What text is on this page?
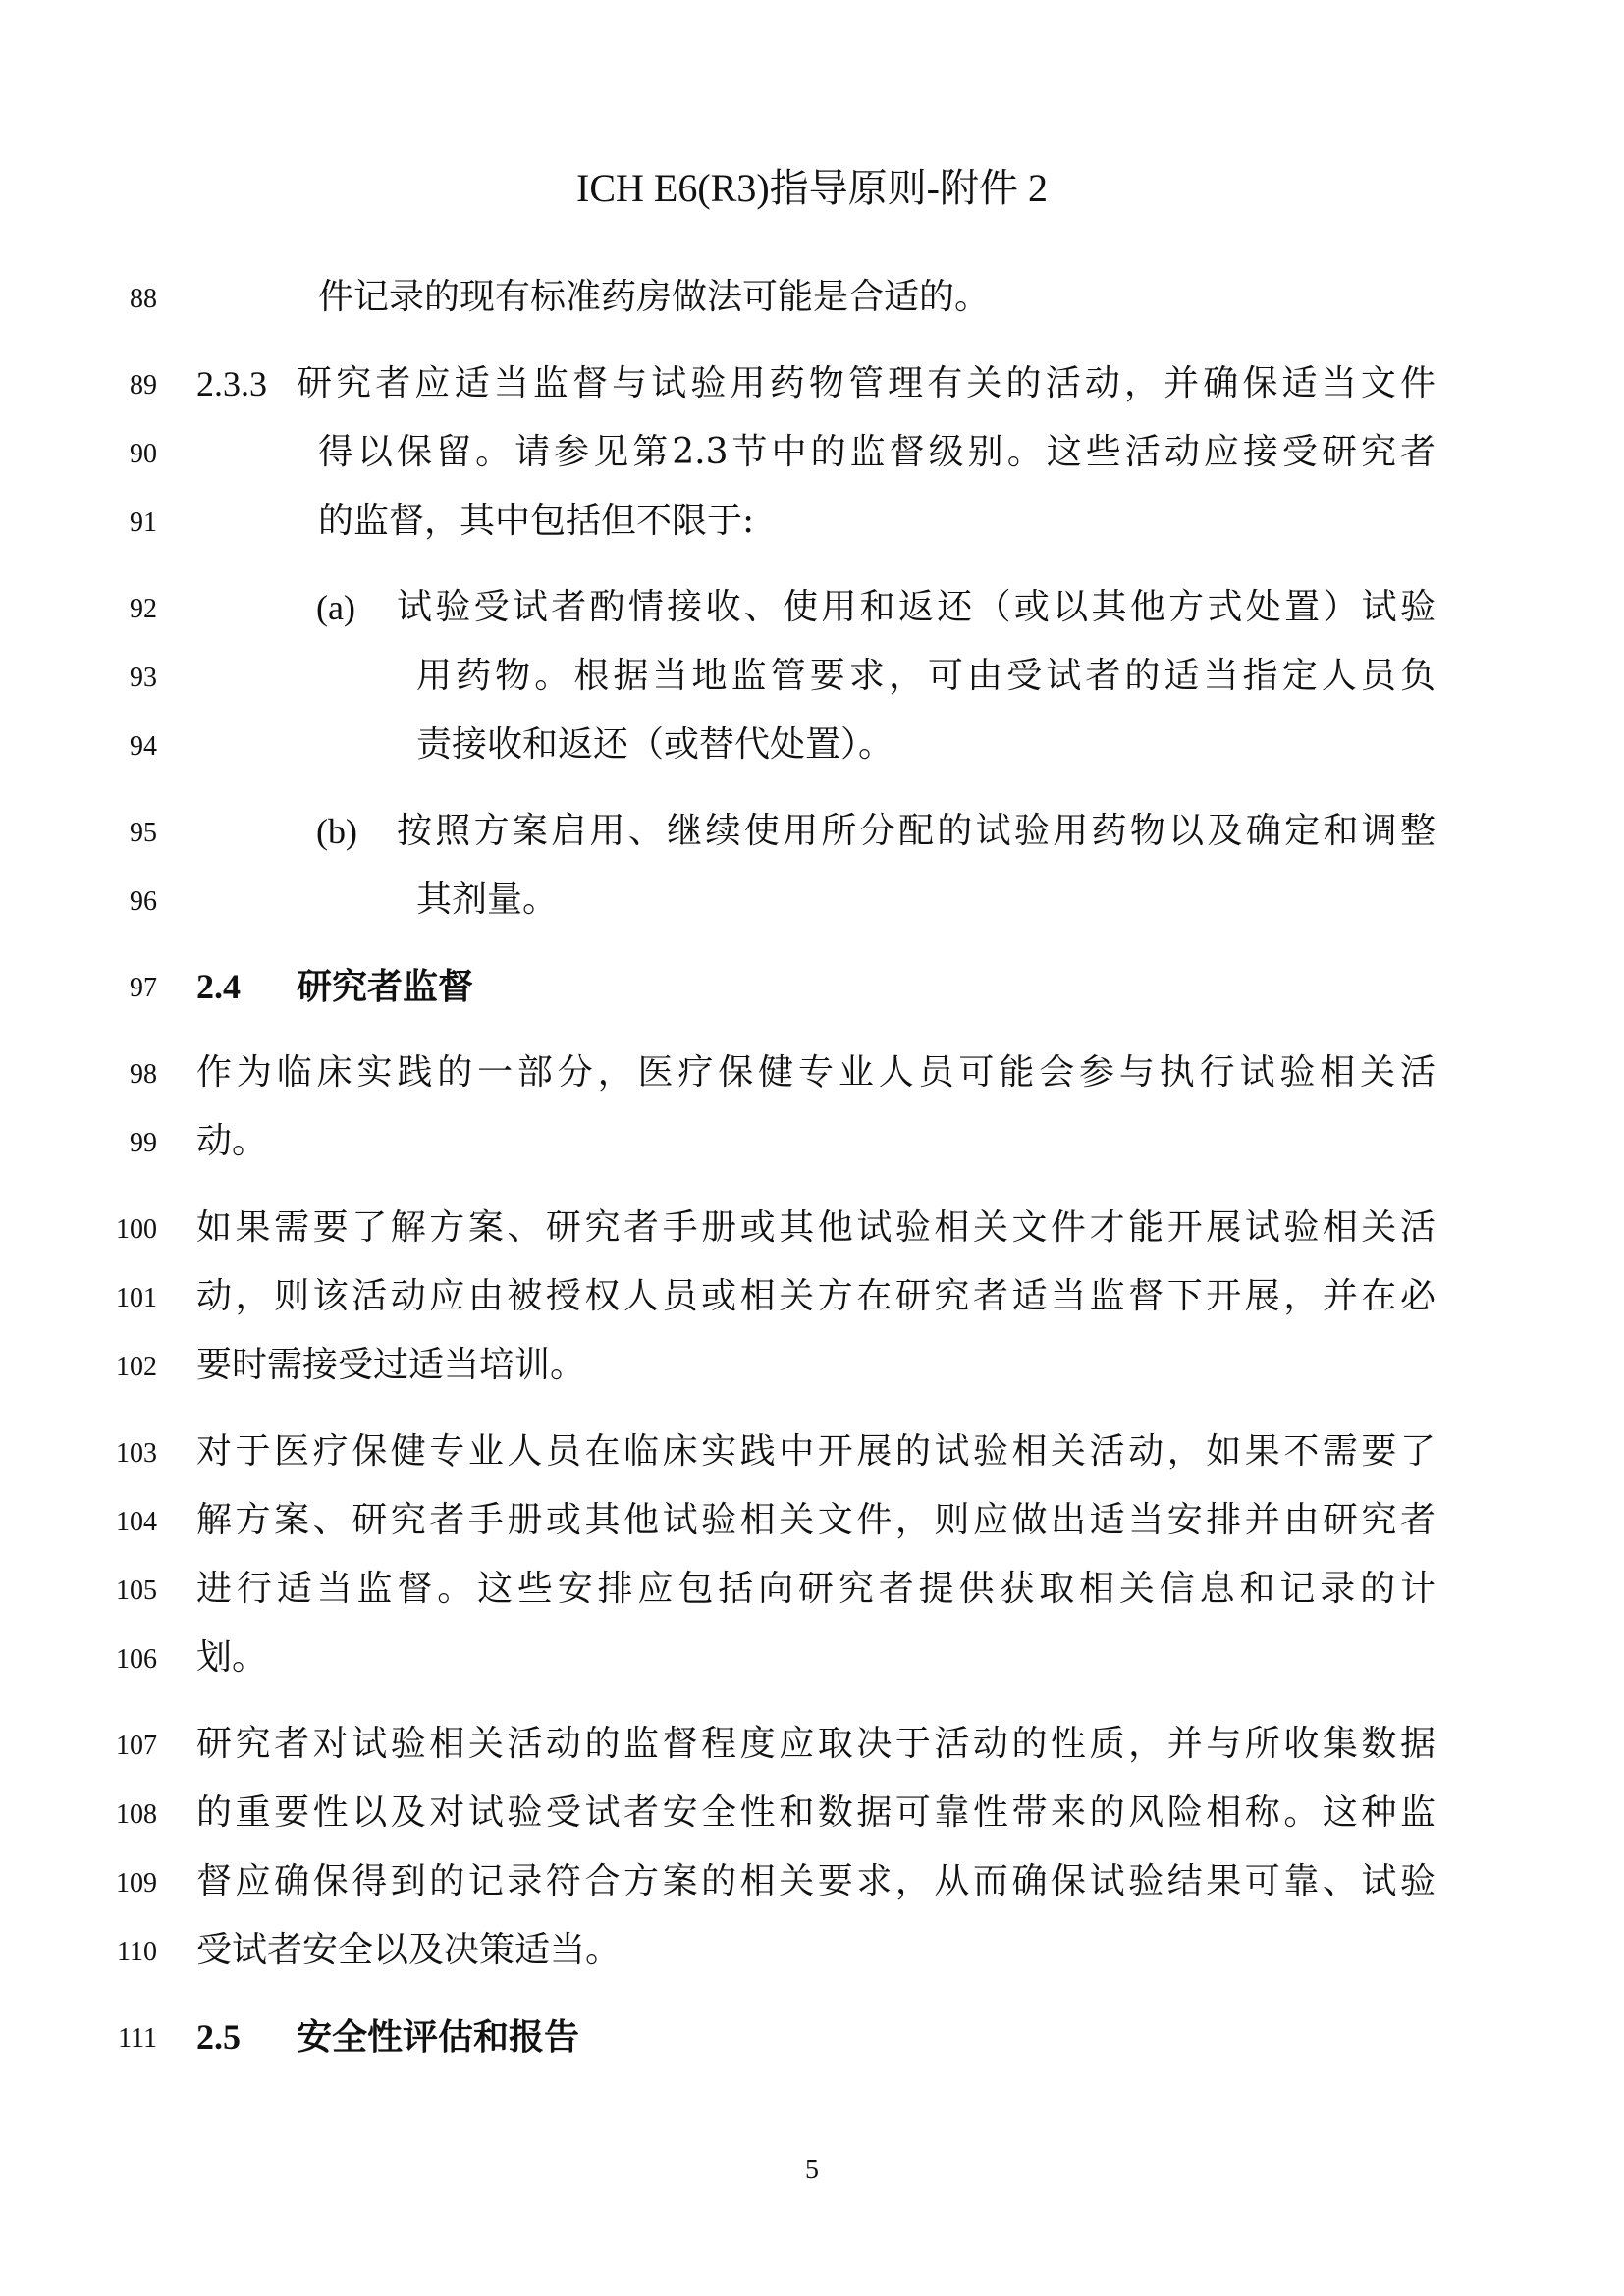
ICH E6(R3)指导原则-附件 2
88
89
90
91
92
93
94
95
96
97
98
99
100
101
102
103
104
105
106
107
108
109
110
111
件记录的现有标准药房做法可能是合适的。
2.3.3 研究者应适当监督与试验用药物管理有关的活动，并确保适当文件
得以保留。请参见第2.3节中的监督级别。这些活动应接受研究者
的监督，其中包括但不限于:
(a) 试验受试者酌情接收、使用和返还（或以其他方式处置）试验
用药物。根据当地监管要求，可由受试者的适当指定人员负
责接收和返还（或替代处置）。
(b) 按照方案启用、继续使用所分配的试验用药物以及确定和调整
其剂量。
2.4 研究者监督
作为临床实践的一部分，医疗保健专业人员可能会参与执行试验相关活
动。
如果需要了解方案、研究者手册或其他试验相关文件才能开展试验相关活
动，则该活动应由被授权人员或相关方在研究者适当监督下开展，并在必
要时需接受过适当培训。
对于医疗保健专业人员在临床实践中开展的试验相关活动，如果不需要了
解方案、研究者手册或其他试验相关文件，则应做出适当安排并由研究者
进行适当监督。这些安排应包括向研究者提供获取相关信息和记录的计
划。
研究者对试验相关活动的监督程度应取决于活动的性质，并与所收集数据
的重要性以及对试验受试者安全性和数据可靠性带来的风险相称。这种监
督应确保得到的记录符合方案的相关要求，从而确保试验结果可靠、试验
受试者安全以及决策适当。
2.5 安全性评估和报告
5
